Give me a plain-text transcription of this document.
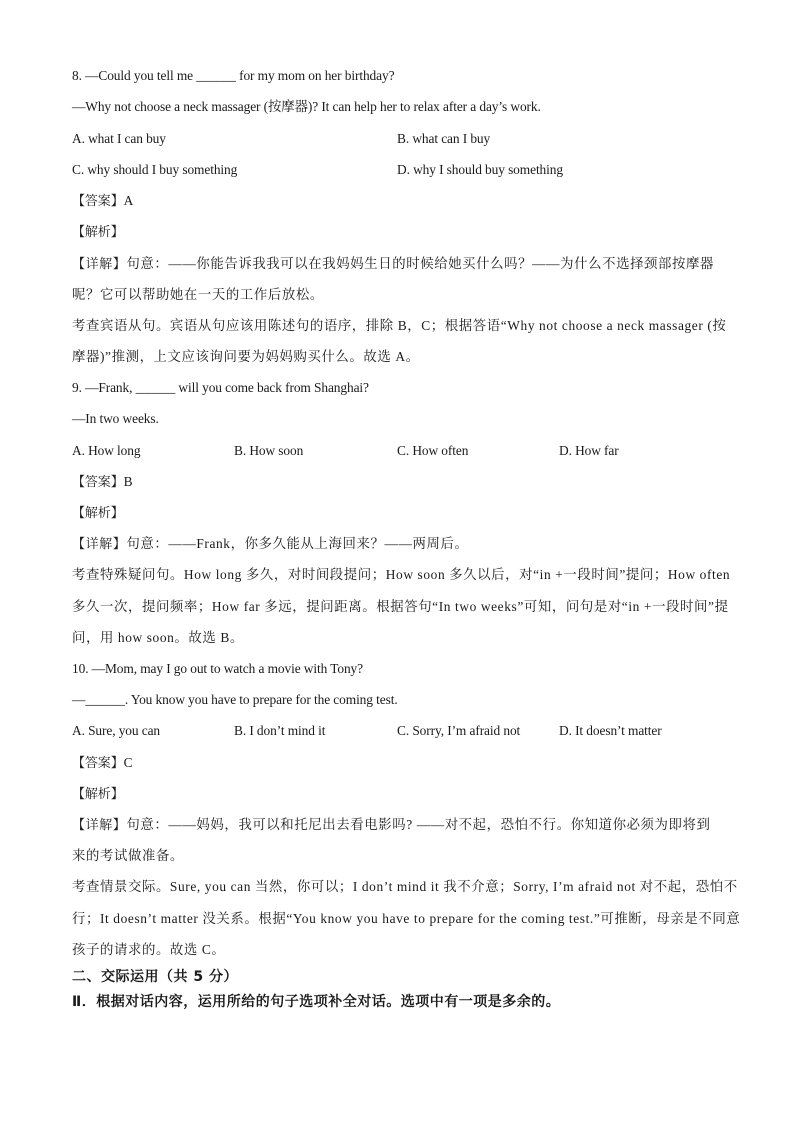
8. —Could you tell me ______ for my mom on her birthday?
—Why not choose a neck massager (按摩器)? It can help her to relax after a day’s work.
A. what I can buy	B. what can I buy
C. why should I buy something	D. why I should buy something
【答案】A
【解析】
【详解】句意：——你能告诉我我可以在我妈妈生日的时候给她买什么吗？——为什么不选择颈部按摩器
呢？它可以帮助她在一天的工作后放松。
考查宾语从句。宾语从句应该用陈述句的语序，排除 B，C；根据答语“Why not choose a neck massager (按
摩器)”推测，上文应该询问要为妈妈购买什么。故选 A。
9. —Frank, ______ will you come back from Shanghai?
—In two weeks.
A. How long	B. How soon	C. How often	D. How far
【答案】B
【解析】
【详解】句意：——Frank，你多久能从上海回来？——两周后。
考查特殊疑问句。How long 多久，对时间段提问；How soon 多久以后，对“in +一段时间”提问；How often
多久一次，提问频率；How far 多远，提问距离。根据答句“In two weeks”可知，问句是对“in +一段时间”提
问，用 how soon。故选 B。
10. —Mom, may I go out to watch a movie with Tony?
—______. You know you have to prepare for the coming test.
A. Sure, you can	B. I don’t mind it	C. Sorry, I’m afraid not	D. It doesn’t matter
【答案】C
【解析】
【详解】句意：——妈妈，我可以和托尼出去看电影吗? ——对不起，恐怕不行。你知道你必须为即将到
来的考试做准备。
考查情景交际。Sure, you can 当然，你可以；I don’t mind it 我不介意；Sorry, I’m afraid not 对不起，恐怕不
行；It doesn’t matter 没关系。根据“You know you have to prepare for the coming test.”可推断，母亲是不同意
孩子的请求的。故选 C。
二、交际运用（共 5 分）
Ⅱ．根据对话内容，运用所给的句子选项补全对话。选项中有一项是多余的。
